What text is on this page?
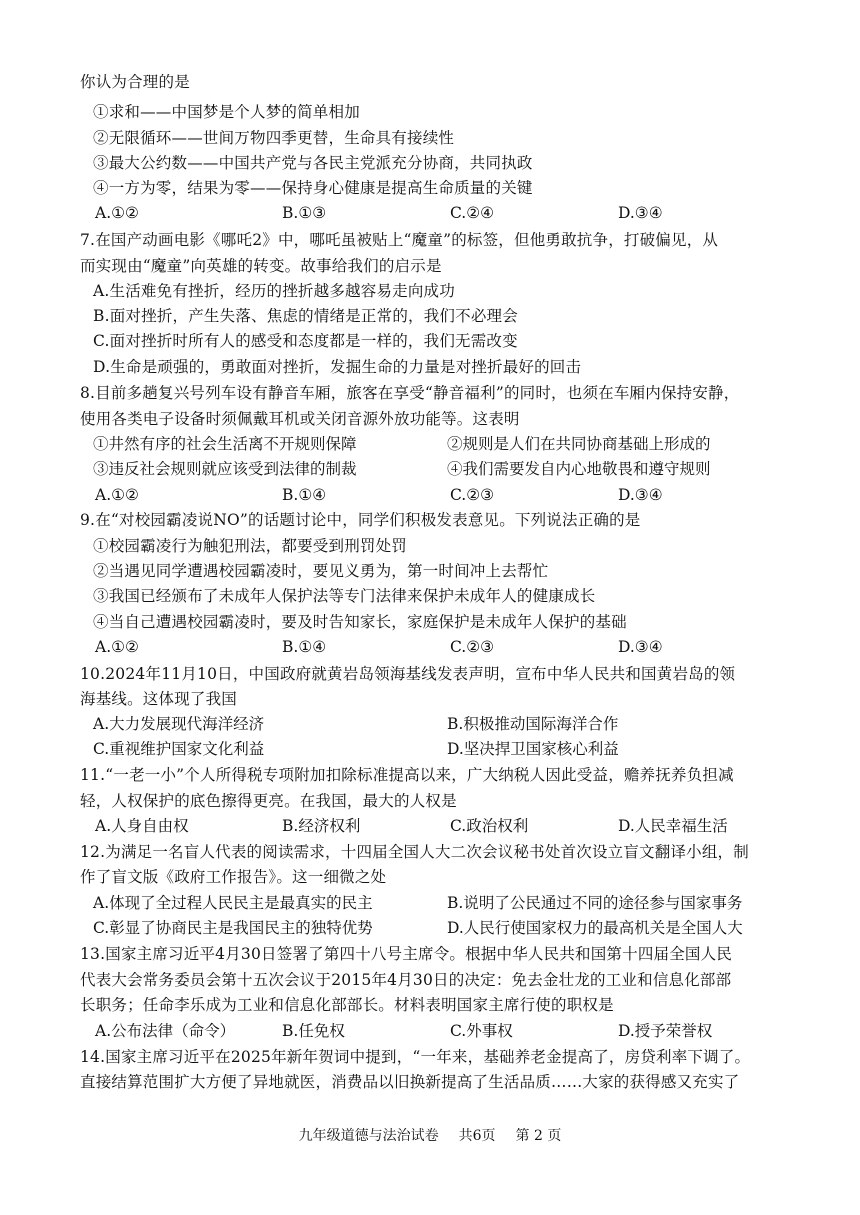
你认为合理的是
①求和——中国梦是个人梦的简单相加
②无限循环——世间万物四季更替，生命具有接续性
③最大公约数——中国共产党与各民主党派充分协商，共同执政
④一方为零，结果为零——保持身心健康是提高生命质量的关键
A.①②	B.①③	C.②④	D.③④
7.在国产动画电影《哪吒2》中，哪吒虽被贴上“魔童”的标签，但他勇敢抗争，打破偏见，从
而实现由“魔童”向英雄的转变。故事给我们的启示是
A.生活难免有挫折，经历的挫折越多越容易走向成功
B.面对挫折，产生失落、焦虑的情绪是正常的，我们不必理会
C.面对挫折时所有人的感受和态度都是一样的，我们无需改变
D.生命是顽强的，勇敢面对挫折，发掘生命的力量是对挫折最好的回击
8.目前多趟复兴号列车设有静音车厢，旅客在享受“静音福利”的同时，也须在车厢内保持安静，
使用各类电子设备时须佩戴耳机或关闭音源外放功能等。这表明
①井然有序的社会生活离不开规则保障	②规则是人们在共同协商基础上形成的
③违反社会规则就应该受到法律的制裁	④我们需要发自内心地敬畏和遵守规则
A.①②	B.①④	C.②③	D.③④
9.在“对校园霸凌说NO”的话题讨论中，同学们积极发表意见。下列说法正确的是
①校园霸凌行为触犯刑法，都要受到刑罚处罚
②当遇见同学遭遇校园霸凌时，要见义勇为，第一时间冲上去帮忙
③我国已经颁布了未成年人保护法等专门法律来保护未成年人的健康成长
④当自己遭遇校园霸凌时，要及时告知家长，家庭保护是未成年人保护的基础
A.①②	B.①④	C.②③	D.③④
10.2024年11月10日，中国政府就黄岩岛领海基线发表声明，宣布中华人民共和国黄岩岛的领
海基线。这体现了我国
A.大力发展现代海洋经济	B.积极推动国际海洋合作
C.重视维护国家文化利益	D.坚决捍卫国家核心利益
11.“一老一小”个人所得税专项附加扣除标准提高以来，广大纳税人因此受益，赡养抚养负担减
轻，人权保护的底色擦得更亮。在我国，最大的人权是
A.人身自由权	B.经济权利	C.政治权利	D.人民幸福生活
12.为满足一名盲人代表的阅读需求，十四届全国人大二次会议秘书处首次设立盲文翻译小组，制
作了盲文版《政府工作报告》。这一细微之处
A.体现了全过程人民民主是最真实的民主	B.说明了公民通过不同的途径参与国家事务
C.彰显了协商民主是我国民主的独特优势	D.人民行使国家权力的最高机关是全国人大
13.国家主席习近平4月30日签署了第四十八号主席令。根据中华人民共和国第十四届全国人民
代表大会常务委员会第十五次会议于2015年4月30日的决定：免去金壮龙的工业和信息化部部
长职务；任命李乐成为工业和信息化部部长。材料表明国家主席行使的职权是
A.公布法律（命令）	B.任免权	C.外事权	D.授予荣誉权
14.国家主席习近平在2025年新年贺词中提到，“一年来，基础养老金提高了，房贷利率下调了。
直接结算范围扩大方便了异地就医，消费品以旧换新提高了生活品质……大家的获得感又充实了
九年级道德与法治试卷 共6页 第 2 页
